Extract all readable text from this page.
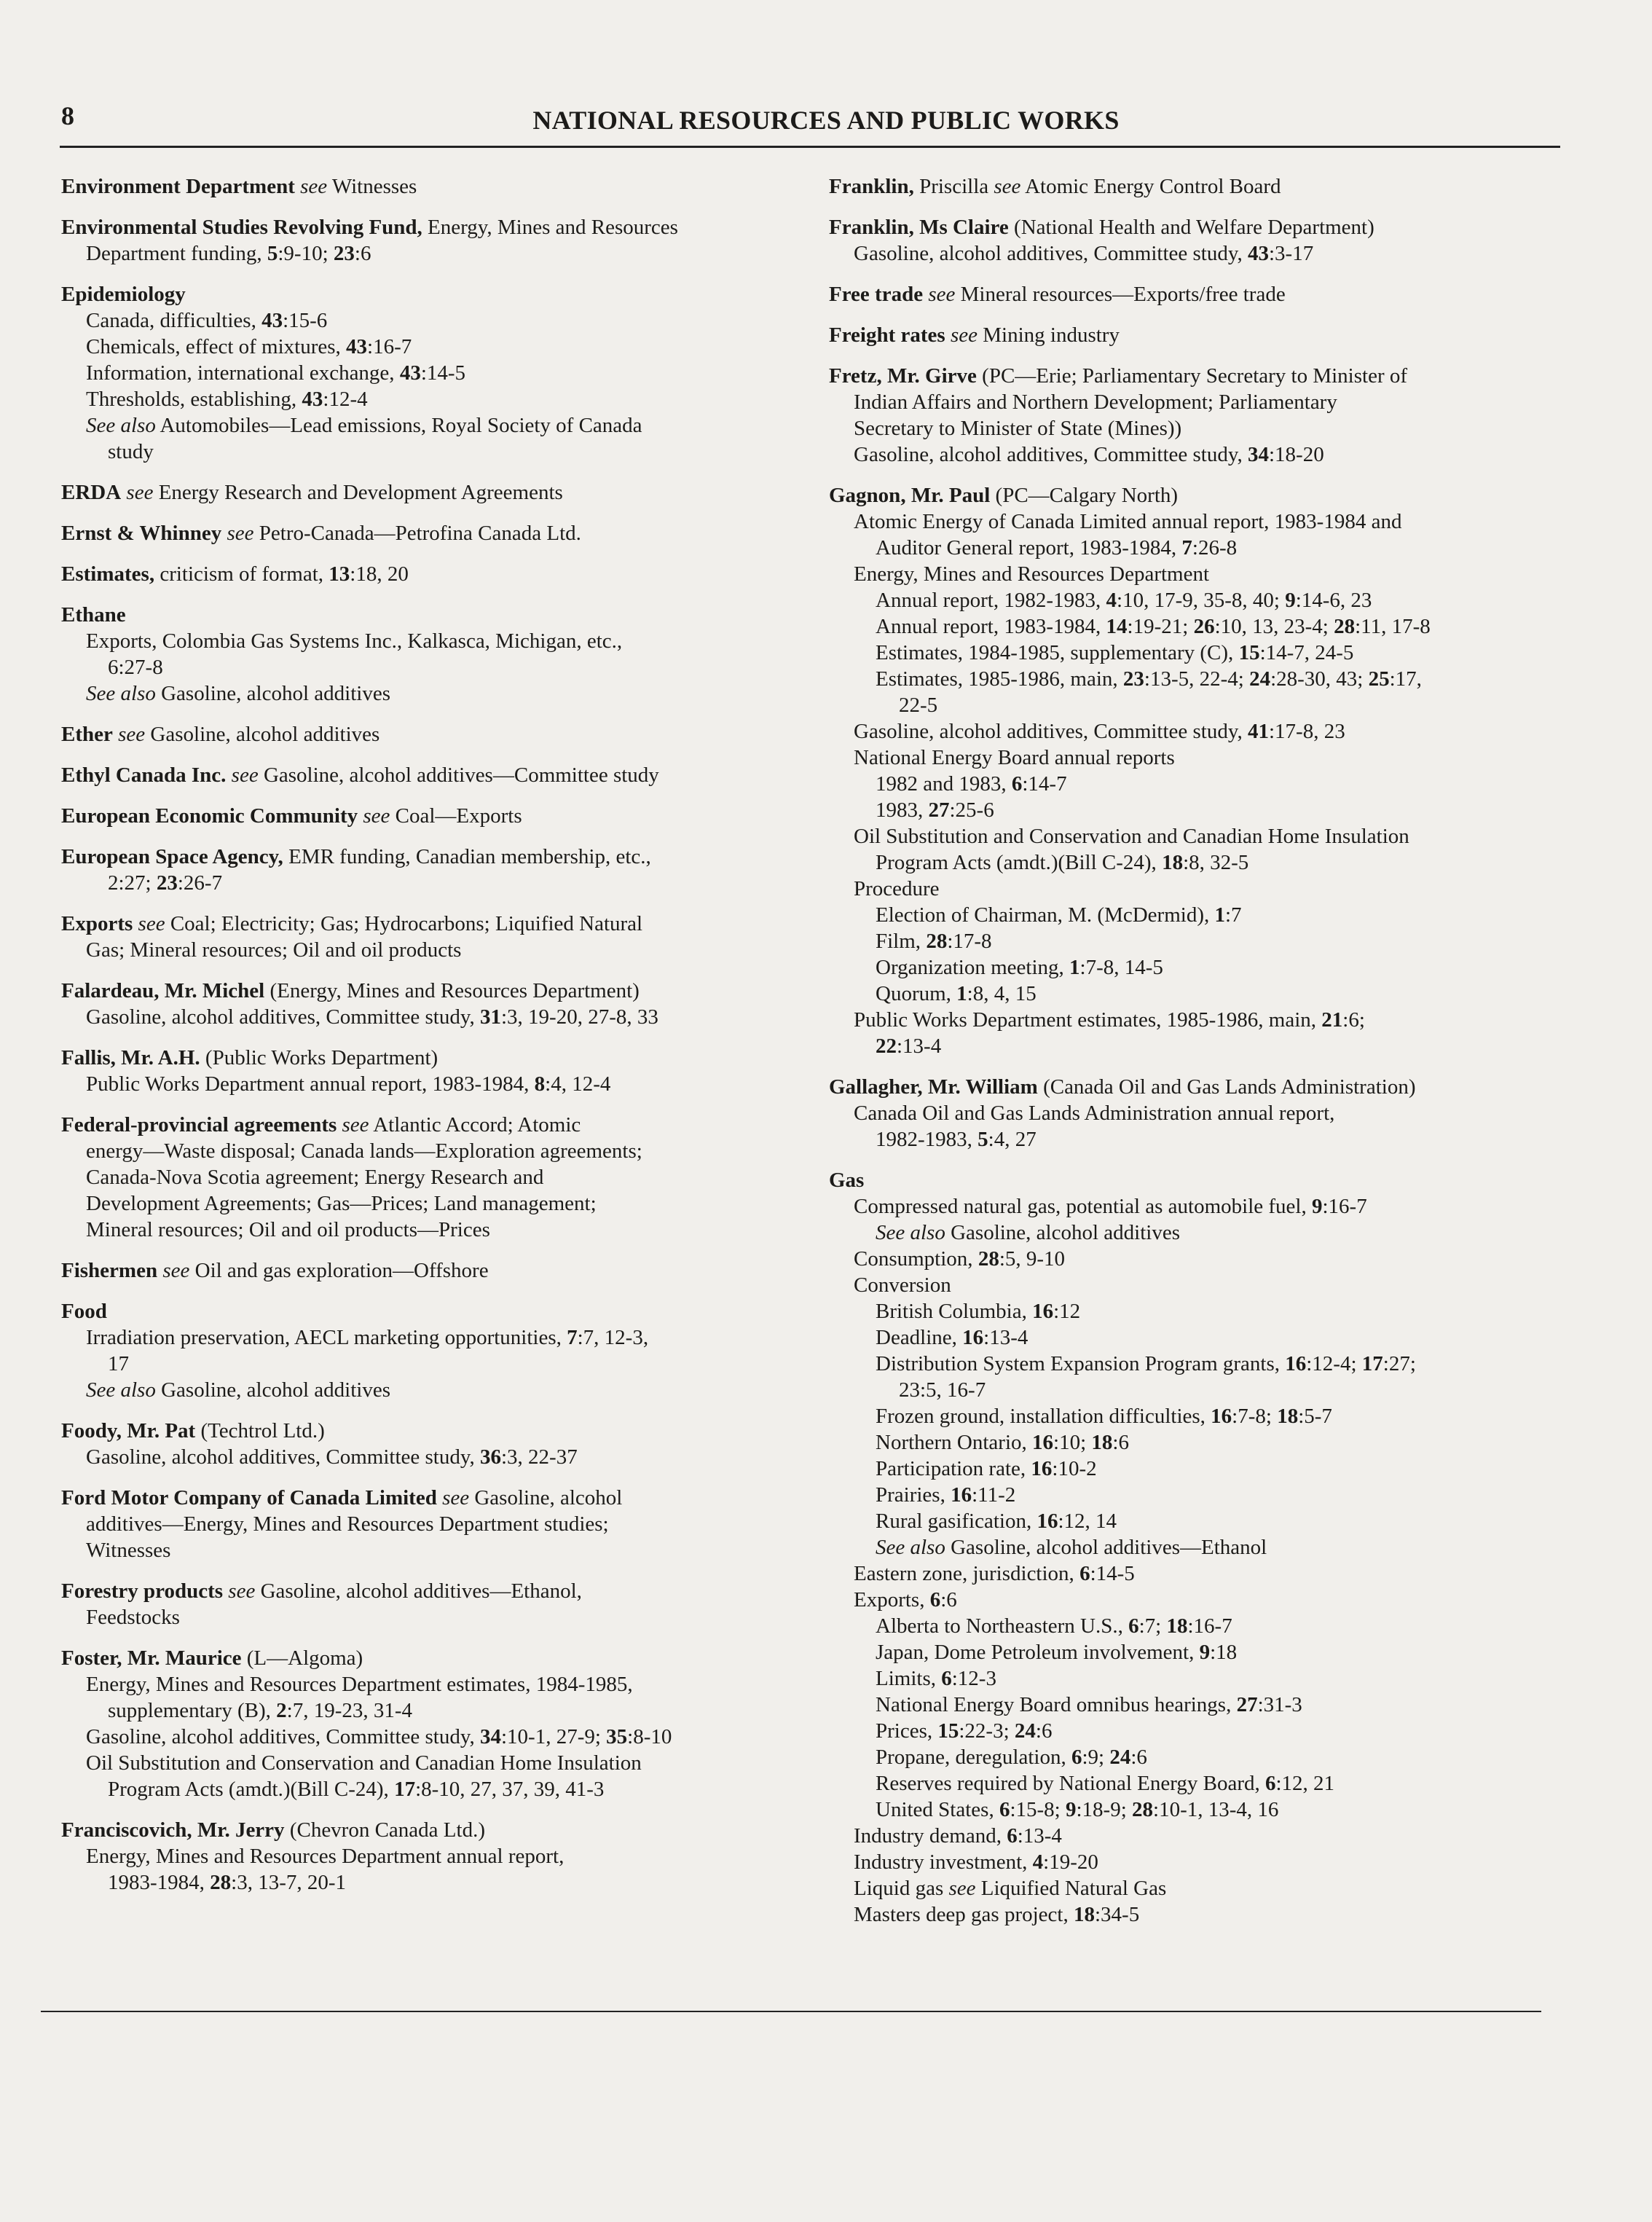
8	NATIONAL RESOURCES AND PUBLIC WORKS
Environment Department see Witnesses
Environmental Studies Revolving Fund, Energy, Mines and Resources
Department funding, 5:9-10; 23:6
Epidemiology
Canada, difficulties, 43:15-6
Chemicals, effect of mixtures, 43:16-7
Information, international exchange, 43:14-5
Thresholds, establishing, 43:12-4
See also Automobiles—Lead emissions, Royal Society of Canada
study
ERDA see Energy Research and Development Agreements
Ernst & Whinney see Petro-Canada—Petrofina Canada Ltd.
Estimates, criticism of format, 13:18, 20
Ethane
Exports, Colombia Gas Systems Inc., Kalkasca, Michigan, etc.,
6:27-8
See also Gasoline, alcohol additives
Ether see Gasoline, alcohol additives
Ethyl Canada Inc. see Gasoline, alcohol additives—Committee study
European Economic Community see Coal—Exports
European Space Agency, EMR funding, Canadian membership, etc.,
2:27; 23:26-7
Exports see Coal; Electricity; Gas; Hydrocarbons; Liquified Natural
Gas; Mineral resources; Oil and oil products
Falardeau, Mr. Michel (Energy, Mines and Resources Department)
Gasoline, alcohol additives, Committee study, 31:3, 19-20, 27-8, 33
Fallis, Mr. A.H. (Public Works Department)
Public Works Department annual report, 1983-1984, 8:4, 12-4
Federal-provincial agreements see Atlantic Accord; Atomic
energy—Waste disposal; Canada lands—Exploration agreements;
Canada-Nova Scotia agreement; Energy Research and
Development Agreements; Gas—Prices; Land management;
Mineral resources; Oil and oil products—Prices
Fishermen see Oil and gas exploration—Offshore
Food
Irradiation preservation, AECL marketing opportunities, 7:7, 12-3,
17
See also Gasoline, alcohol additives
Foody, Mr. Pat (Techtrol Ltd.)
Gasoline, alcohol additives, Committee study, 36:3, 22-37
Ford Motor Company of Canada Limited see Gasoline, alcohol
additives—Energy, Mines and Resources Department studies;
Witnesses
Forestry products see Gasoline, alcohol additives—Ethanol,
Feedstocks
Foster, Mr. Maurice (L—Algoma)
Energy, Mines and Resources Department estimates, 1984-1985,
supplementary (B), 2:7, 19-23, 31-4
Gasoline, alcohol additives, Committee study, 34:10-1, 27-9; 35:8-10
Oil Substitution and Conservation and Canadian Home Insulation
Program Acts (amdt.)(Bill C-24), 17:8-10, 27, 37, 39, 41-3
Franciscovich, Mr. Jerry (Chevron Canada Ltd.)
Energy, Mines and Resources Department annual report,
1983-1984, 28:3, 13-7, 20-1
Franklin, Priscilla see Atomic Energy Control Board
Franklin, Ms Claire (National Health and Welfare Department)
Gasoline, alcohol additives, Committee study, 43:3-17
Free trade see Mineral resources—Exports/free trade
Freight rates see Mining industry
Fretz, Mr. Girve (PC—Erie; Parliamentary Secretary to Minister of
Indian Affairs and Northern Development; Parliamentary
Secretary to Minister of State (Mines))
Gasoline, alcohol additives, Committee study, 34:18-20
Gagnon, Mr. Paul (PC—Calgary North)
Atomic Energy of Canada Limited annual report, 1983-1984 and
Auditor General report, 1983-1984, 7:26-8
Energy, Mines and Resources Department
Annual report, 1982-1983, 4:10, 17-9, 35-8, 40; 9:14-6, 23
Annual report, 1983-1984, 14:19-21; 26:10, 13, 23-4; 28:11, 17-8
Estimates, 1984-1985, supplementary (C), 15:14-7, 24-5
Estimates, 1985-1986, main, 23:13-5, 22-4; 24:28-30, 43; 25:17,
22-5
Gasoline, alcohol additives, Committee study, 41:17-8, 23
National Energy Board annual reports
1982 and 1983, 6:14-7
1983, 27:25-6
Oil Substitution and Conservation and Canadian Home Insulation
Program Acts (amdt.)(Bill C-24), 18:8, 32-5
Procedure
Election of Chairman, M. (McDermid), 1:7
Film, 28:17-8
Organization meeting, 1:7-8, 14-5
Quorum, 1:8, 4, 15
Public Works Department estimates, 1985-1986, main, 21:6;
22:13-4
Gallagher, Mr. William (Canada Oil and Gas Lands Administration)
Canada Oil and Gas Lands Administration annual report,
1982-1983, 5:4, 27
Gas
Compressed natural gas, potential as automobile fuel, 9:16-7
See also Gasoline, alcohol additives
Consumption, 28:5, 9-10
Conversion
British Columbia, 16:12
Deadline, 16:13-4
Distribution System Expansion Program grants, 16:12-4; 17:27;
23:5, 16-7
Frozen ground, installation difficulties, 16:7-8; 18:5-7
Northern Ontario, 16:10; 18:6
Participation rate, 16:10-2
Prairies, 16:11-2
Rural gasification, 16:12, 14
See also Gasoline, alcohol additives—Ethanol
Eastern zone, jurisdiction, 6:14-5
Exports, 6:6
Alberta to Northeastern U.S., 6:7; 18:16-7
Japan, Dome Petroleum involvement, 9:18
Limits, 6:12-3
National Energy Board omnibus hearings, 27:31-3
Prices, 15:22-3; 24:6
Propane, deregulation, 6:9; 24:6
Reserves required by National Energy Board, 6:12, 21
United States, 6:15-8; 9:18-9; 28:10-1, 13-4, 16
Industry demand, 6:13-4
Industry investment, 4:19-20
Liquid gas see Liquified Natural Gas
Masters deep gas project, 18:34-5
